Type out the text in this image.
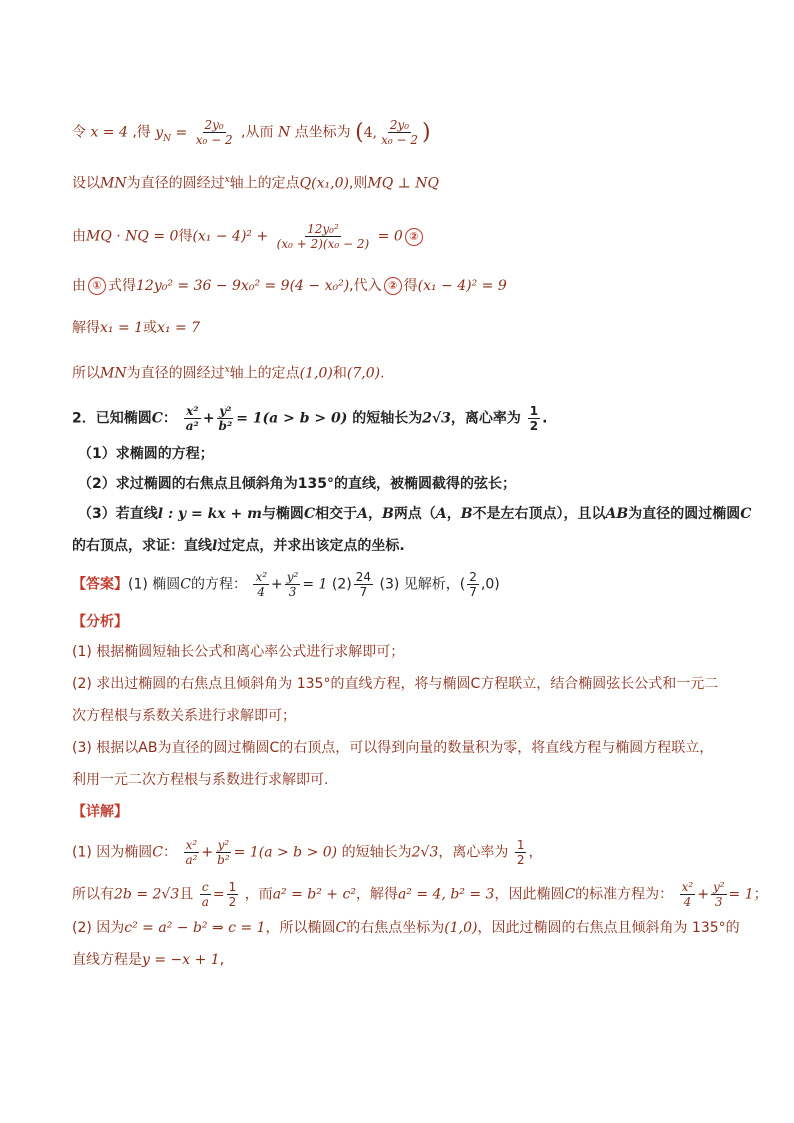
令 x = 4 ,得 $y_N = \frac{\text{2y₀}}{\text{x₀ − 2}}$ ,从而 N 点坐标为 (4, $\frac{\text{2y₀}}{\text{x₀ − 2}}$ )
设以MN为直径的圆经过$^x$轴上的定点Q(x₁,0),则MQ ⊥ NQ
由MQ · NQ = 0得$(x_1 - 4)^2 + \frac{\text{12y₀²}}{\text{(x₀ + 2)(x₀ − 2)}} = 0$ ②
由 ① 式得12y₀² = 36 − 9x₀² = 9(4 − x₀²),代入 ② 得(x₁ − 4)² = 9
解得x₁ = 1或x₁ = 7
所以MN为直径的圆经过$^x$轴上的定点(1,0)和(7,0).
2．已知椭圆C： $\frac{\text{x²}}{\text{a²}} + \frac{\text{y²}}{\text{b²}} = 1(a > b > 0)$ 的短轴长为2√3，离心率为 $\frac{1}{2}$ .
（1）求椭圆的方程；
（2）求过椭圆的右焦点且倾斜角为135°的直线，被椭圆截得的弦长；
（3）若直线l : y = kx + m与椭圆C相交于A，B两点（A，B不是左右顶点），且以AB为直径的圆过椭圆C
的右顶点，求证：直线l过定点，并求出该定点的坐标.
【答案】(1) 椭圆C的方程： $\frac{\text{x²}}{4} + \frac{\text{y²}}{3} = 1$ $(2) \frac{24}{7} (3)$ 见解析，( $\frac{2}{7} ,0$)
【分析】
(1) 根据椭圆短轴长公式和离心率公式进行求解即可；
(2) 求出过椭圆的右焦点且倾斜角为 135°的直线方程，将与椭圆C方程联立，结合椭圆弦长公式和一元二
次方程根与系数关系进行求解即可；
(3) 根据以AB为直径的圆过椭圆C的右顶点，可以得到向量的数量积为零，将直线方程与椭圆方程联立，
利用一元二次方程根与系数进行求解即可.
【详解】
(1) 因为椭圆C： $\frac{\text{x²}}{\text{a²}} + \frac{\text{y²}}{\text{b²}} = 1(a > b > 0)$ 的短轴长为2√3，离心率为 $\frac{1}{2}$ ，
所以有2b = 2√3且 $\frac{c}{a} = \frac{1}{2}$ ，而a² = b² + c²，解得a² = 4, b² = 3，因此椭圆C的标准方程为： $\frac{\text{x²}}{4} + \frac{\text{y²}}{3} = 1$；
(2) 因为c² = a² − b² ⇒ c = 1，所以椭圆C的右焦点坐标为(1,0)，因此过椭圆的右焦点且倾斜角为 135°的
直线方程是y = −x + 1,
